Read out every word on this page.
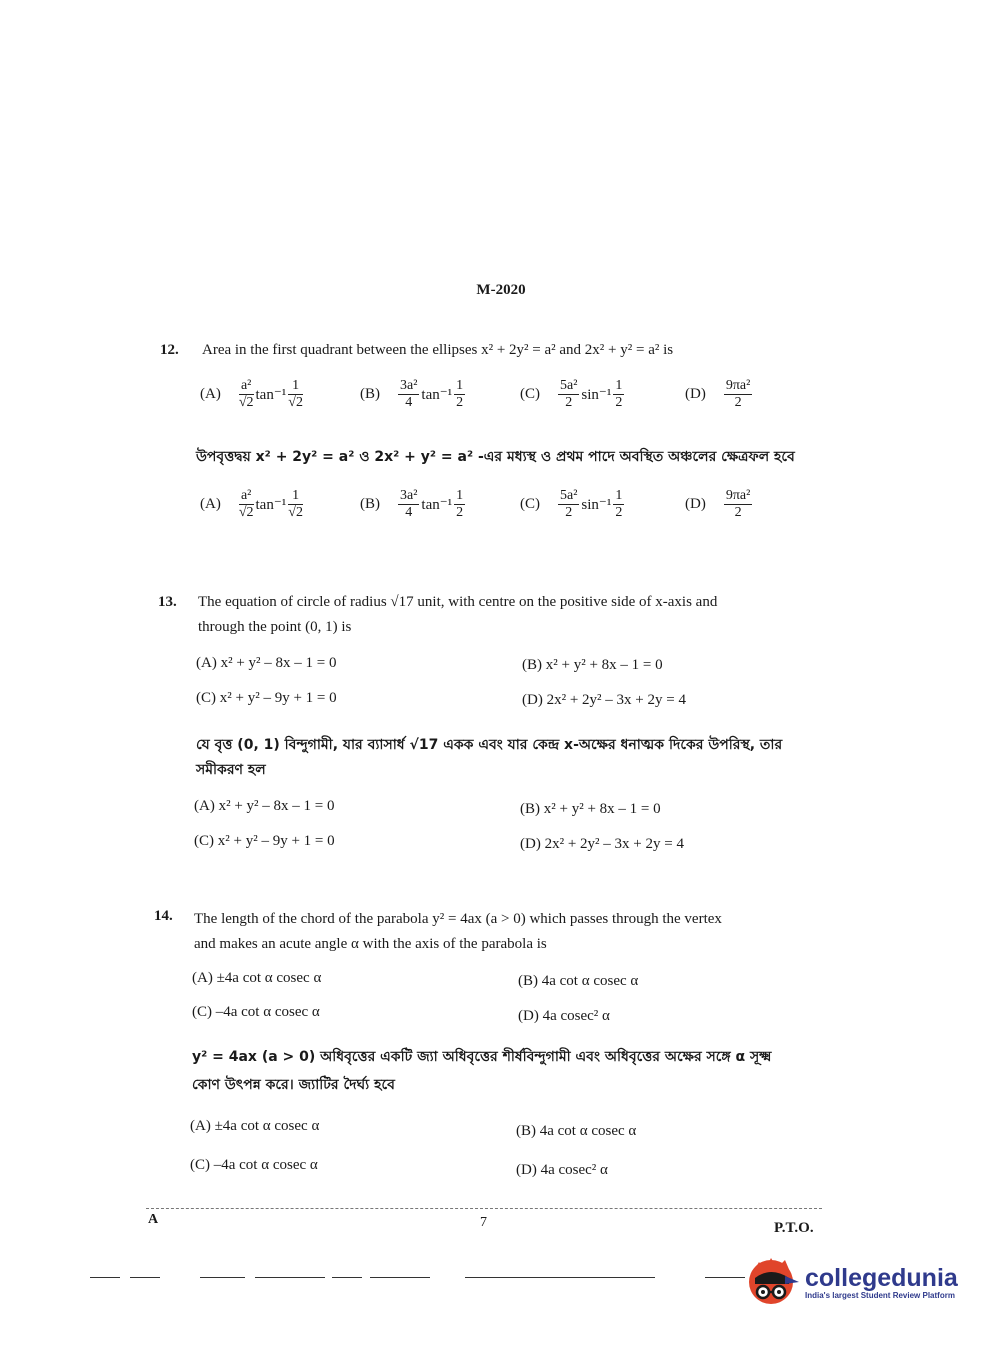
M-2020
12. Area in the first quadrant between the ellipses x² + 2y² = a² and 2x² + y² = a² is
$(A) \frac{\text{a²}}{√2} \tan^{-1} \frac{1}{√2}$	$(B) \frac{\text{3a²}}{4} \tan^{-1} \frac{1}{2}$	$(C) \frac{\text{5a²}}{2} \sin^{-1} \frac{1}{2}$	$(D) \frac{\text{9πa²}}{2}$
উপবৃত্তদ্বয় x² + 2y² = a² ও 2x² + y² = a² -এর মধ্যস্থ ও প্রথম পাদে অবস্থিত অঞ্চলের ক্ষেত্রফল হবে
$(A) \frac{\text{a²}}{√2} \tan^{-1} \frac{1}{√2}$	$(B) \frac{\text{3a²}}{4} \tan^{-1} \frac{1}{2}$	$(C) \frac{\text{5a²}}{2} \sin^{-1} \frac{1}{2}$	$(D) \frac{\text{9πa²}}{2}$
13. The equation of circle of radius √17 unit, with centre on the positive side of x-axis and
through the point (0, 1) is
(A) x² + y² – 8x – 1 = 0	(B) x² + y² + 8x – 1 = 0
(C) x² + y² – 9y + 1 = 0	(D) 2x² + 2y² – 3x + 2y = 4
যে বৃত্ত (0, 1) বিন্দুগামী, যার ব্যাসার্ধ √17 একক এবং যার কেন্দ্র x-অক্ষের ধনাত্মক দিকের উপরিস্থ, তার
সমীকরণ হল
(A) x² + y² – 8x – 1 = 0	(B) x² + y² + 8x – 1 = 0
(C) x² + y² – 9y + 1 = 0	(D) 2x² + 2y² – 3x + 2y = 4
14. The length of the chord of the parabola y² = 4ax (a > 0) which passes through the vertex
and makes an acute angle α with the axis of the parabola is
(A) ±4a cot α cosec α	(B) 4a cot α cosec α
(C) –4a cot α cosec α	(D) 4a cosec² α
y² = 4ax (a > 0) অধিবৃত্তের একটি জ্যা অধিবৃত্তের শীর্ষবিন্দুগামী এবং অধিবৃত্তের অক্ষের সঙ্গে α সূক্ষ্ম
কোণ উৎপন্ন করে। জ্যাটির দৈর্ঘ্য হবে
(A) ±4a cot α cosec α	(B) 4a cot α cosec α
(C) –4a cot α cosec α	(D) 4a cosec² α
A	7	P.T.O.
collegedunia
India's largest Student Review Platform
